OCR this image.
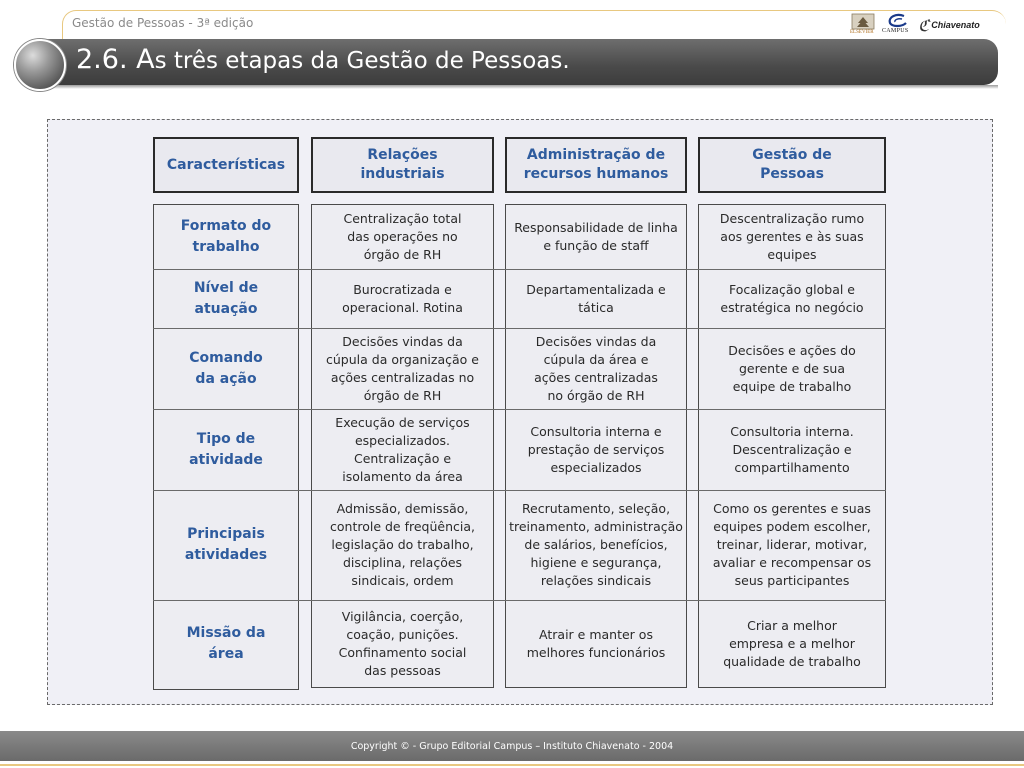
Gestão de Pessoas - 3ª edição
ELSEVIER CAMPUS ℭ Chiavenato
2.6. As três etapas da Gestão de Pessoas.
Características
Relações industriais
Administração de recursos humanos
Gestão de Pessoas
Formato do trabalho
Centralização total das operações no órgão de RH
Responsabilidade de linha e função de staff
Descentralização rumo aos gerentes e às suas equipes
Nível de atuação
Burocratizada e operacional. Rotina
Departamentalizada e tática
Focalização global e estratégica no negócio
Comando da ação
Decisões vindas da cúpula da organização e ações centralizadas no órgão de RH
Decisões vindas da cúpula da área e ações centralizadas no órgão de RH
Decisões e ações do gerente e de sua equipe de trabalho
Tipo de atividade
Execução de serviços especializados. Centralização e isolamento da área
Consultoria interna e prestação de serviços especializados
Consultoria interna. Descentralização e compartilhamento
Principais atividades
Admissão, demissão, controle de freqüência, legislação do trabalho, disciplina, relações sindicais, ordem
Recrutamento, seleção, treinamento, administração de salários, benefícios, higiene e segurança, relações sindicais
Como os gerentes e suas equipes podem escolher, treinar, liderar, motivar, avaliar e recompensar os seus participantes
Missão da área
Vigilância, coerção, coação, punições. Confinamento social das pessoas
Atrair e manter os melhores funcionários
Criar a melhor empresa e a melhor qualidade de trabalho
Copyright © - Grupo Editorial Campus – Instituto Chiavenato - 2004
